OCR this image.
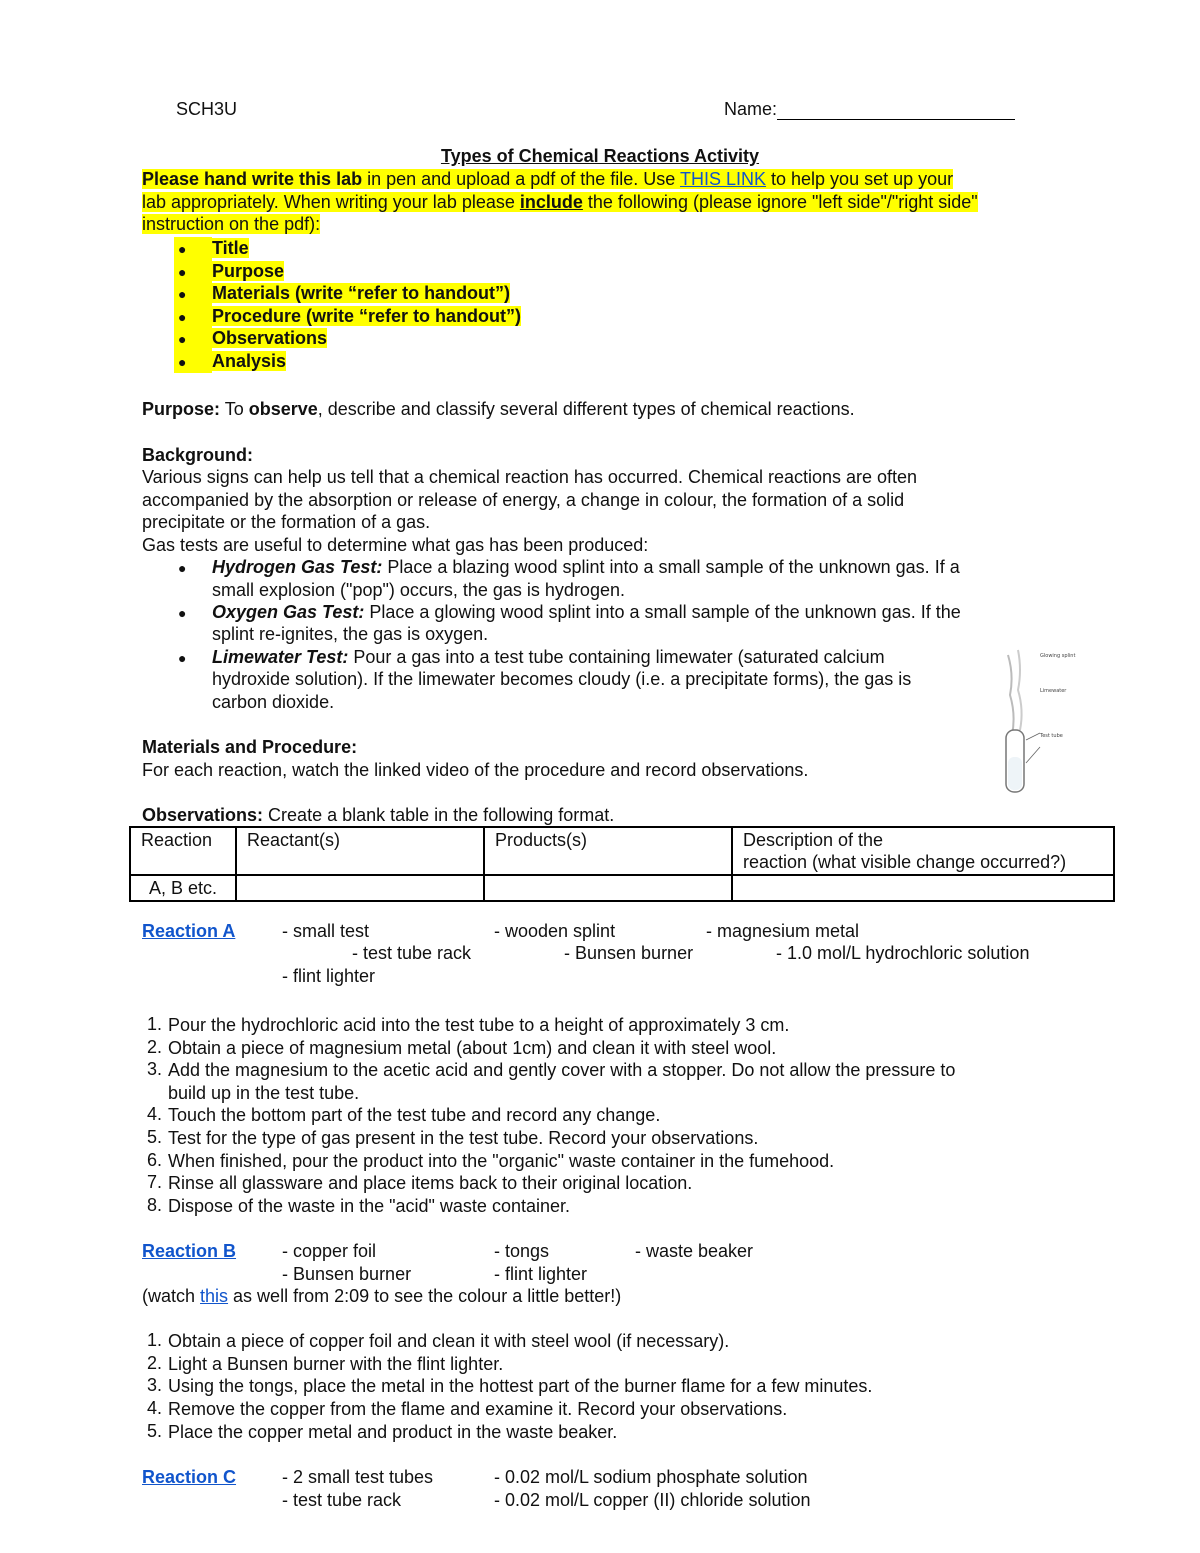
SCH3U	Name:
Types of Chemical Reactions Activity
Please hand write this lab in pen and upload a pdf of the file. Use THIS LINK to help you set up your
lab appropriately. When writing your lab please include the following (please ignore "left side"/"right side"
instruction on the pdf):
● Title
● Purpose
● Materials (write “refer to handout”)
● Procedure (write “refer to handout”)
● Observations
● Analysis
Purpose: To observe, describe and classify several different types of chemical reactions.
Background:
Various signs can help us tell that a chemical reaction has occurred. Chemical reactions are often
accompanied by the absorption or release of energy, a change in colour, the formation of a solid
precipitate or the formation of a gas.
Gas tests are useful to determine what gas has been produced:
● Hydrogen Gas Test: Place a blazing wood splint into a small sample of the unknown gas. If a
small explosion ("pop") occurs, the gas is hydrogen.
● Oxygen Gas Test: Place a glowing wood splint into a small sample of the unknown gas. If the
splint re-ignites, the gas is oxygen.
● Limewater Test: Pour a gas into a test tube containing limewater (saturated calcium
hydroxide solution). If the limewater becomes cloudy (i.e. a precipitate forms), the gas is
carbon dioxide.
Glowing splint
Limewater
Test tube
Materials and Procedure:
For each reaction, watch the linked video of the procedure and record observations.
Observations: Create a blank table in the following format.
Reaction	Reactant(s)	Products(s)	Description of the
reaction (what visible change occurred?)
A, B etc.			
Reaction A	- small test	- wooden splint	- magnesium metal
- test tube rack	- Bunsen burner	- 1.0 mol/L hydrochloric solution
- flint lighter
1. Pour the hydrochloric acid into the test tube to a height of approximately 3 cm.
2. Obtain a piece of magnesium metal (about 1cm) and clean it with steel wool.
3. Add the magnesium to the acetic acid and gently cover with a stopper. Do not allow the pressure to
build up in the test tube.
4. Touch the bottom part of the test tube and record any change.
5. Test for the type of gas present in the test tube. Record your observations.
6. When finished, pour the product into the "organic" waste container in the fumehood.
7. Rinse all glassware and place items back to their original location.
8. Dispose of the waste in the "acid" waste container.
Reaction B	- copper foil	- tongs	- waste beaker
- Bunsen burner	- flint lighter
(watch this as well from 2:09 to see the colour a little better!)
1. Obtain a piece of copper foil and clean it with steel wool (if necessary).
2. Light a Bunsen burner with the flint lighter.
3. Using the tongs, place the metal in the hottest part of the burner flame for a few minutes.
4. Remove the copper from the flame and examine it. Record your observations.
5. Place the copper metal and product in the waste beaker.
Reaction C	- 2 small test tubes	- 0.02 mol/L sodium phosphate solution
- test tube rack	- 0.02 mol/L copper (II) chloride solution
